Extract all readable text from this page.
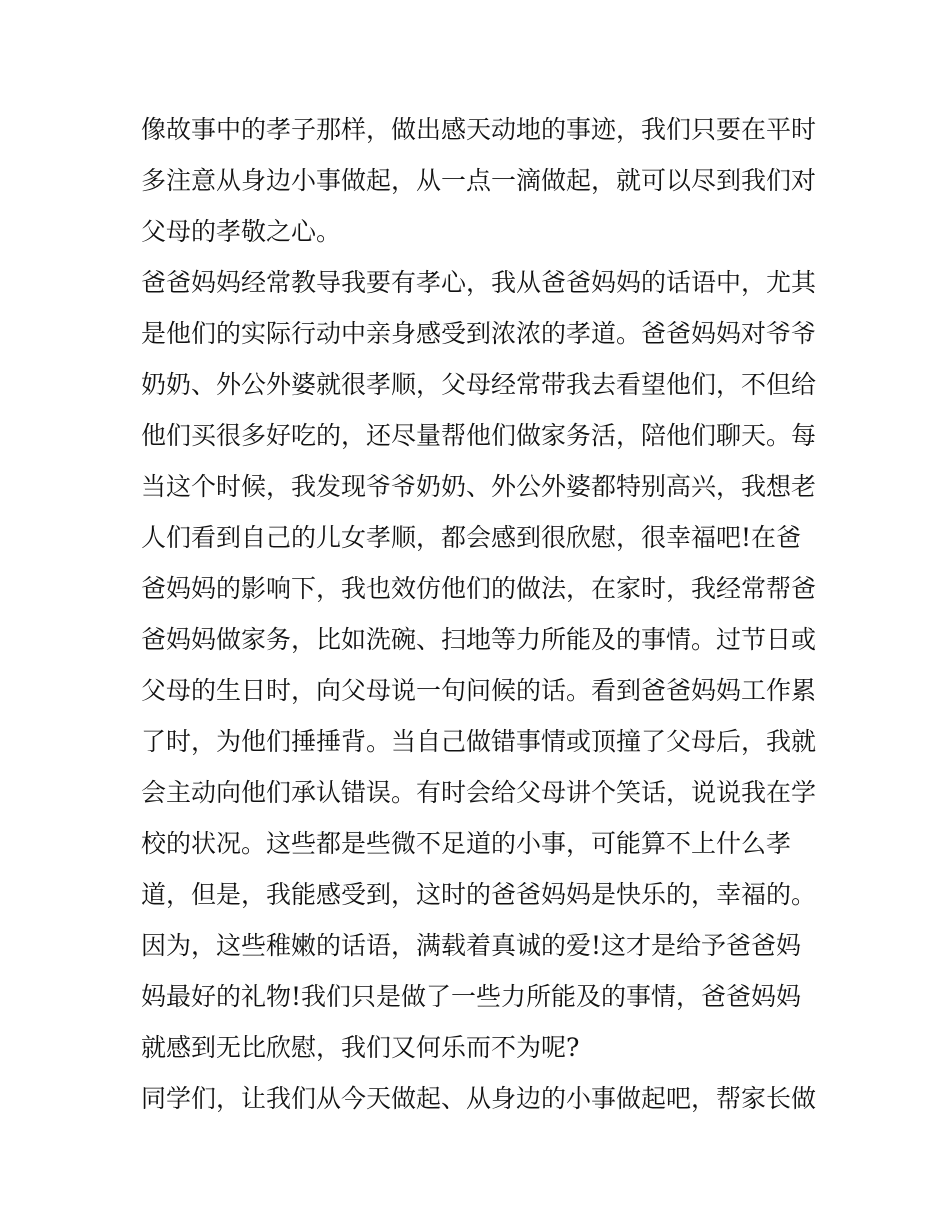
像故事中的孝子那样，做出感天动地的事迹，我们只要在平时
多注意从身边小事做起，从一点一滴做起，就可以尽到我们对
父母的孝敬之心。
爸爸妈妈经常教导我要有孝心，我从爸爸妈妈的话语中，尤其
是他们的实际行动中亲身感受到浓浓的孝道。爸爸妈妈对爷爷
奶奶、外公外婆就很孝顺，父母经常带我去看望他们，不但给
他们买很多好吃的，还尽量帮他们做家务活，陪他们聊天。每
当这个时候，我发现爷爷奶奶、外公外婆都特别高兴，我想老
人们看到自己的儿女孝顺，都会感到很欣慰，很幸福吧!在爸
爸妈妈的影响下，我也效仿他们的做法，在家时，我经常帮爸
爸妈妈做家务，比如洗碗、扫地等力所能及的事情。过节日或
父母的生日时，向父母说一句问候的话。看到爸爸妈妈工作累
了时，为他们捶捶背。当自己做错事情或顶撞了父母后，我就
会主动向他们承认错误。有时会给父母讲个笑话，说说我在学
校的状况。这些都是些微不足道的小事，可能算不上什么孝
道，但是，我能感受到，这时的爸爸妈妈是快乐的，幸福的。
因为，这些稚嫩的话语，满载着真诚的爱!这才是给予爸爸妈
妈最好的礼物!我们只是做了一些力所能及的事情，爸爸妈妈
就感到无比欣慰，我们又何乐而不为呢?
同学们，让我们从今天做起、从身边的小事做起吧，帮家长做
